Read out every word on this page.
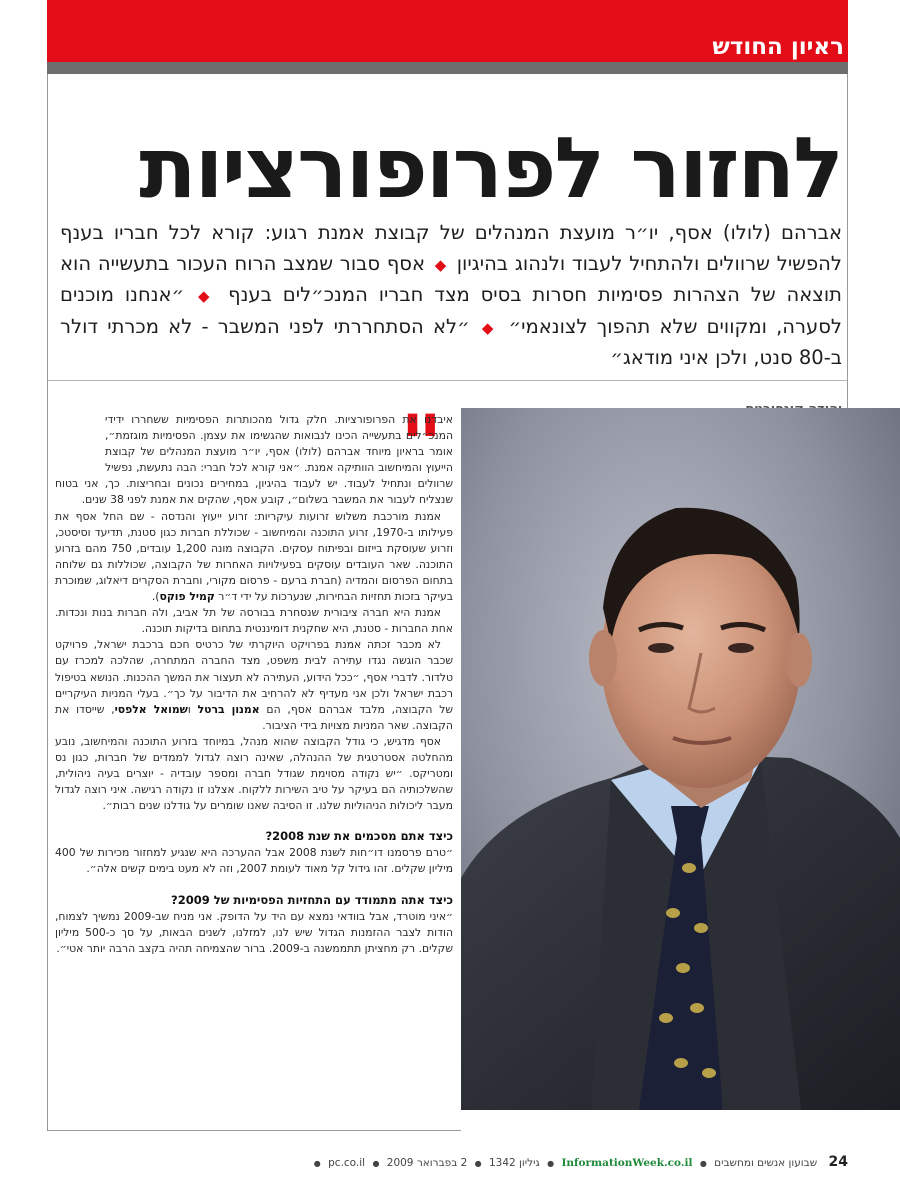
ראיון החודש
לחזור לפרופורציות
אברהם (לולו) אסף, יו״ר מועצת המנהלים של קבוצת אמנת רגוע: קורא לכל חבריו בענף להפשיל שרוולים ולהתחיל לעבוד ולנהוג בהיגיון ◆ אסף סבור שמצב הרוח העכור בתעשייה הוא תוצאה של הצהרות פסימיות חסרות בסיס מצד חבריו המנכ״לים בענף ◆ ״אנחנו מוכנים לסערה, ומקווים שלא תהפוך לצונאמי״ ◆ ״לא הסתחררתי לפני המשבר - לא מכרתי דולר ב-80 סנט, ולכן איני מודאג״
"

איבדנו את הפרופורציות. חלק גדול מהכותרות הפסימיות ששחררו ידידי המנכ״לים בתעשייה הכינו לנבואות שהגשימו את עצמן. הפסימיות מוגזמת״, אומר בראיון מיוחד אברהם (לולו) אסף, יו״ר מועצת המנהלים של קבוצת הייעוץ והמיחשוב הוותיקה אמנת. ״אני קורא לכל חברי: הבה נתעשת, נפשיל שרוולים ונתחיל לעבוד. יש לעבוד בהיגיון, במחירים נכונים ובחריצות. כך, אני בטוח שנצליח לעבור את המשבר בשלום״, קובע אסף, שהקים את אמנת לפני 38 שנים.

אמנת מורכבת משלוש זרועות עיקריות: זרוע ייעוץ והנדסה - שם החל אסף את פעילותו ב-1970, זרוע התוכנה והמיחשוב - שכוללת חברות כגון סטנת, תדיעד וסיסטכ, וזרוע שעוסקת בייזום ובפיתוח עסקים. הקבוצה מונה 1,200 עובדים, 750 מהם בזרוע התוכנה. שאר העובדים עוסקים בפעילויות האחרות של הקבוצה, שכוללות גם שלוחה בתחום הפרסום והמדיה (חברת ברעם - פרסום מקורי, וחברת הסקרים דיאלוג, שמוכרת בעיקר בזכות תחזיות הבחירות, שנערכות על ידי ד״ר קמיל פוקס).

אמנת היא חברה ציבורית שנסחרת בבורסה של תל אביב, ולה חברות בנות ונכדות. אחת החברות - סטנת, היא שחקנית דומיננטית בתחום בדיקות תוכנה.

לא מכבר זכתה אמנת בפרויקט היוקרתי של כרטיס חכם ברכבת ישראל, פרויקט שכבר הוגשה נגדו עתירה לבית משפט, מצד החברה המתחרה, שהלכה למכרז עם טלדור. לדברי אסף, ״ככל הידוע, העתירה לא תעצור את המשך ההכנות. הנושא בטיפול רכבת ישראל ולכן אני מעדיף לא להרחיב את הדיבור על כך״. בעלי המניות העיקריים של הקבוצה, מלבד אברהם אסף, הם אמנון ברטל ושמואל אלפסי, שייסדו את הקבוצה. שאר המניות מצויות בידי הציבור.

אסף מדגיש, כי גודל הקבוצה שהוא מנהל, במיוחד בזרוע התוכנה והמיחשוב, נובע מהחלטה אסטרטגית של ההנהלה, שאינה רוצה לגדול לממדים של חברות, כגון נס ומטריקס. ״יש נקודה מסוימת שגודל חברה ומספר עובדיה - יוצרים בעיה ניהולית, שהשלכותיה הם בעיקר על טיב השירות ללקוח. אצלנו זו נקודה רגישה. איני רוצה לגדול מעבר ליכולות הניהוליות שלנו. זו הסיבה שאנו שומרים על גודלנו שנים רבות״.

כיצד אתם מסכמים את שנת 2008?

״טרם פרסמנו דו״חות לשנת 2008 אבל ההערכה היא שנגיע למחזור מכירות של 400 מיליון שקלים. זהו גידול קל מאוד לעומת 2007, וזה לא מעט בימים קשים אלה״.

כיצד אתה מתמודד עם התחזיות הפסימיות של 2009?

״איני מוטרד, אבל בוודאי נמצא עם היד על הדופק. אני מניח שב-2009 נמשיך לצמוח, הודות לצבר ההזמנות הגדול שיש לנו, למזלנו, לשנים הבאות, על סך כ-500 מיליון שקלים. רק מחציתן תתממשנה ב-2009. ברור שהצמיחה תהיה בקצב הרבה יותר אטי״.

24 שבועון אנשים ומחשבים ● InformationWeek.co.il ● גיליון 1342 ● 2 בפברואר 2009 ● pc.co.il ●
